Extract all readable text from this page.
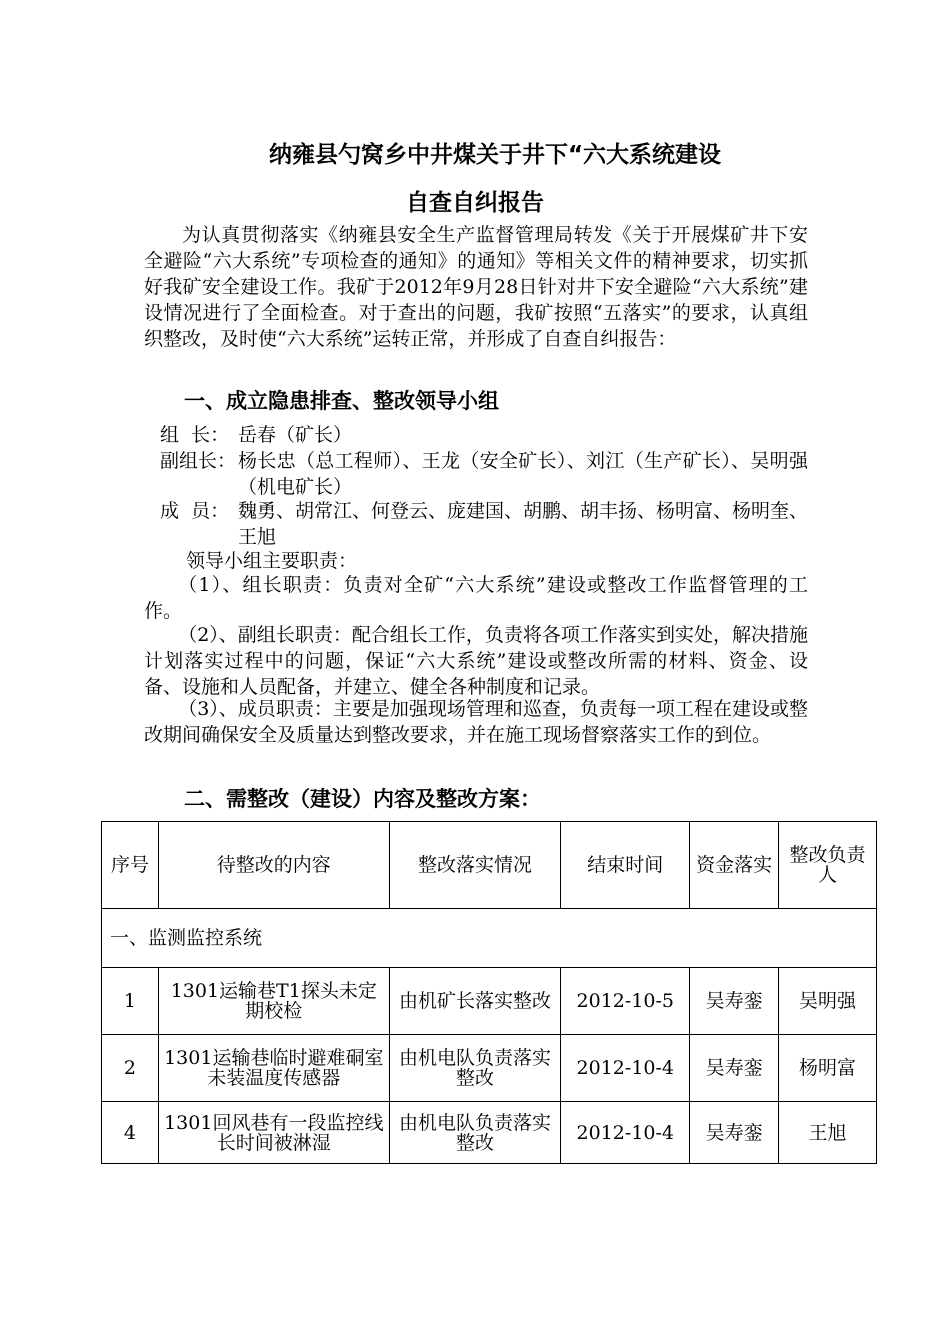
纳雍县勺窝乡中井煤关于井下“六大系统建设
自查自纠报告

为认真贯彻落实《纳雍县安全生产监督管理局转发《关于开展煤矿井下安全避险“六大系统”专项检查的通知》的通知》等相关文件的精神要求，切实抓好我矿安全建设工作。我矿于2012年9月28日针对井下安全避险“六大系统”建设情况进行了全面检查。对于查出的问题，我矿按照“五落实”的要求，认真组织整改，及时使“六大系统”运转正常，并形成了自查自纠报告：

一、成立隐患排查、整改领导小组
组  长： 岳春（矿长）
副组长： 杨长忠（总工程师）、王龙（安全矿长）、刘江（生产矿长）、吴明强（机电矿长）
成  员： 魏勇、胡常江、何登云、庞建国、胡鹏、胡丰扬、杨明富、杨明奎、王旭

领导小组主要职责：

（1）、组长职责：负责对全矿“六大系统”建设或整改工作监督管理的工作。

（2）、副组长职责：配合组长工作，负责将各项工作落实到实处，解决措施计划落实过程中的问题，保证“六大系统”建设或整改所需的材料、资金、设备、设施和人员配备，并建立、健全各种制度和记录。

（3）、成员职责：主要是加强现场管理和巡查，负责每一项工程在建设或整改期间确保安全及质量达到整改要求，并在施工现场督察落实工作的到位。

二、需整改（建设）内容及整改方案：
序号	待整改的内容	整改落实情况	结束时间	资金落实	整改负责人
一、监测监控系统					
1	1301运输巷T1探头未定期校检	由机矿长落实整改	2012-10-5	吴寿銮	吴明强
2	1301运输巷临时避难硐室未装温度传感器	由机电队负责落实整改	2012-10-4	吴寿銮	杨明富
4	1301回风巷有一段监控线长时间被淋湿	由机电队负责落实整改	2012-10-4	吴寿銮	王旭
